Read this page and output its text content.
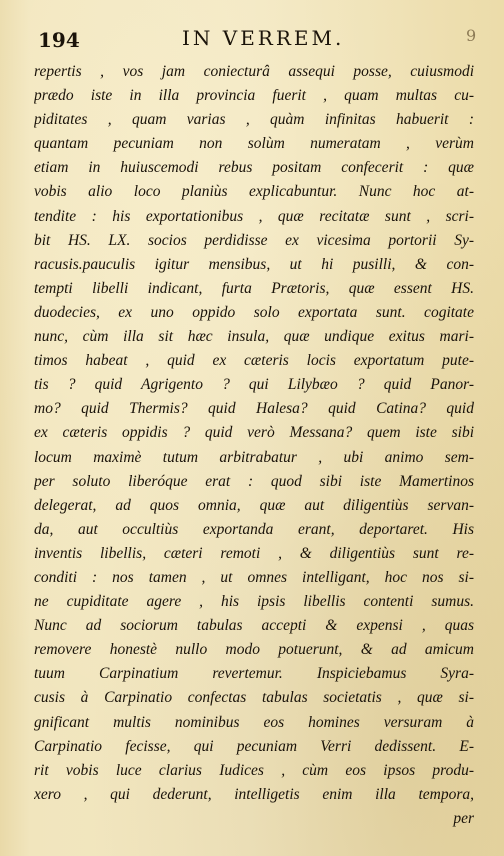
194	IN VERREM.	9
repertis , vos jam coniecturâ assequi posse, cuiusmodi
prædo iste in illa provincia fuerit , quam multas cu-
piditates , quam varias , quàm infinitas habuerit :
quantam pecuniam non solùm numeratam , verùm
etiam in huiuscemodi rebus positam confecerit : quæ
vobis alio loco planiùs explicabuntur. Nunc hoc at-
tendite : his exportationibus , quæ recitatæ sunt , scri-
bit HS. LX. socios perdidisse ex vicesima portorii Sy-
racusis.pauculis igitur mensibus, ut hi pusilli, & con-
tempti libelli indicant, furta Prætoris, quæ essent HS.
duodecies, ex uno oppido solo exportata sunt. cogitate
nunc, cùm illa sit hæc insula, quæ undique exitus mari-
timos habeat , quid ex cæteris locis exportatum pute-
tis ? quid Agrigento ? qui Lilybæo ? quid Panor-
mo? quid Thermis? quid Halesa? quid Catina? quid
ex cæteris oppidis ? quid verò Messana? quem iste sibi
locum maximè tutum arbitrabatur , ubi animo sem-
per soluto liberóque erat : quod sibi iste Mamertinos
delegerat, ad quos omnia, quæ aut diligentiùs servan-
da, aut occultiùs exportanda erant, deportaret. His
inventis libellis, cæteri remoti , & diligentiùs sunt re-
conditi : nos tamen , ut omnes intelligant, hoc nos si-
ne cupiditate agere , his ipsis libellis contenti sumus.
Nunc ad sociorum tabulas accepti & expensi , quas
removere honestè nullo modo potuerunt, & ad amicum
tuum Carpinatium revertemur. Inspiciebamus Syra-
cusis à Carpinatio confectas tabulas societatis , quæ si-
gnificant multis nominibus eos homines versuram à
Carpinatio fecisse, qui pecuniam Verri dedissent. E-
rit vobis luce clarius Iudices , cùm eos ipsos produ-
xero , qui dederunt, intelligetis enim illa tempora,
per
